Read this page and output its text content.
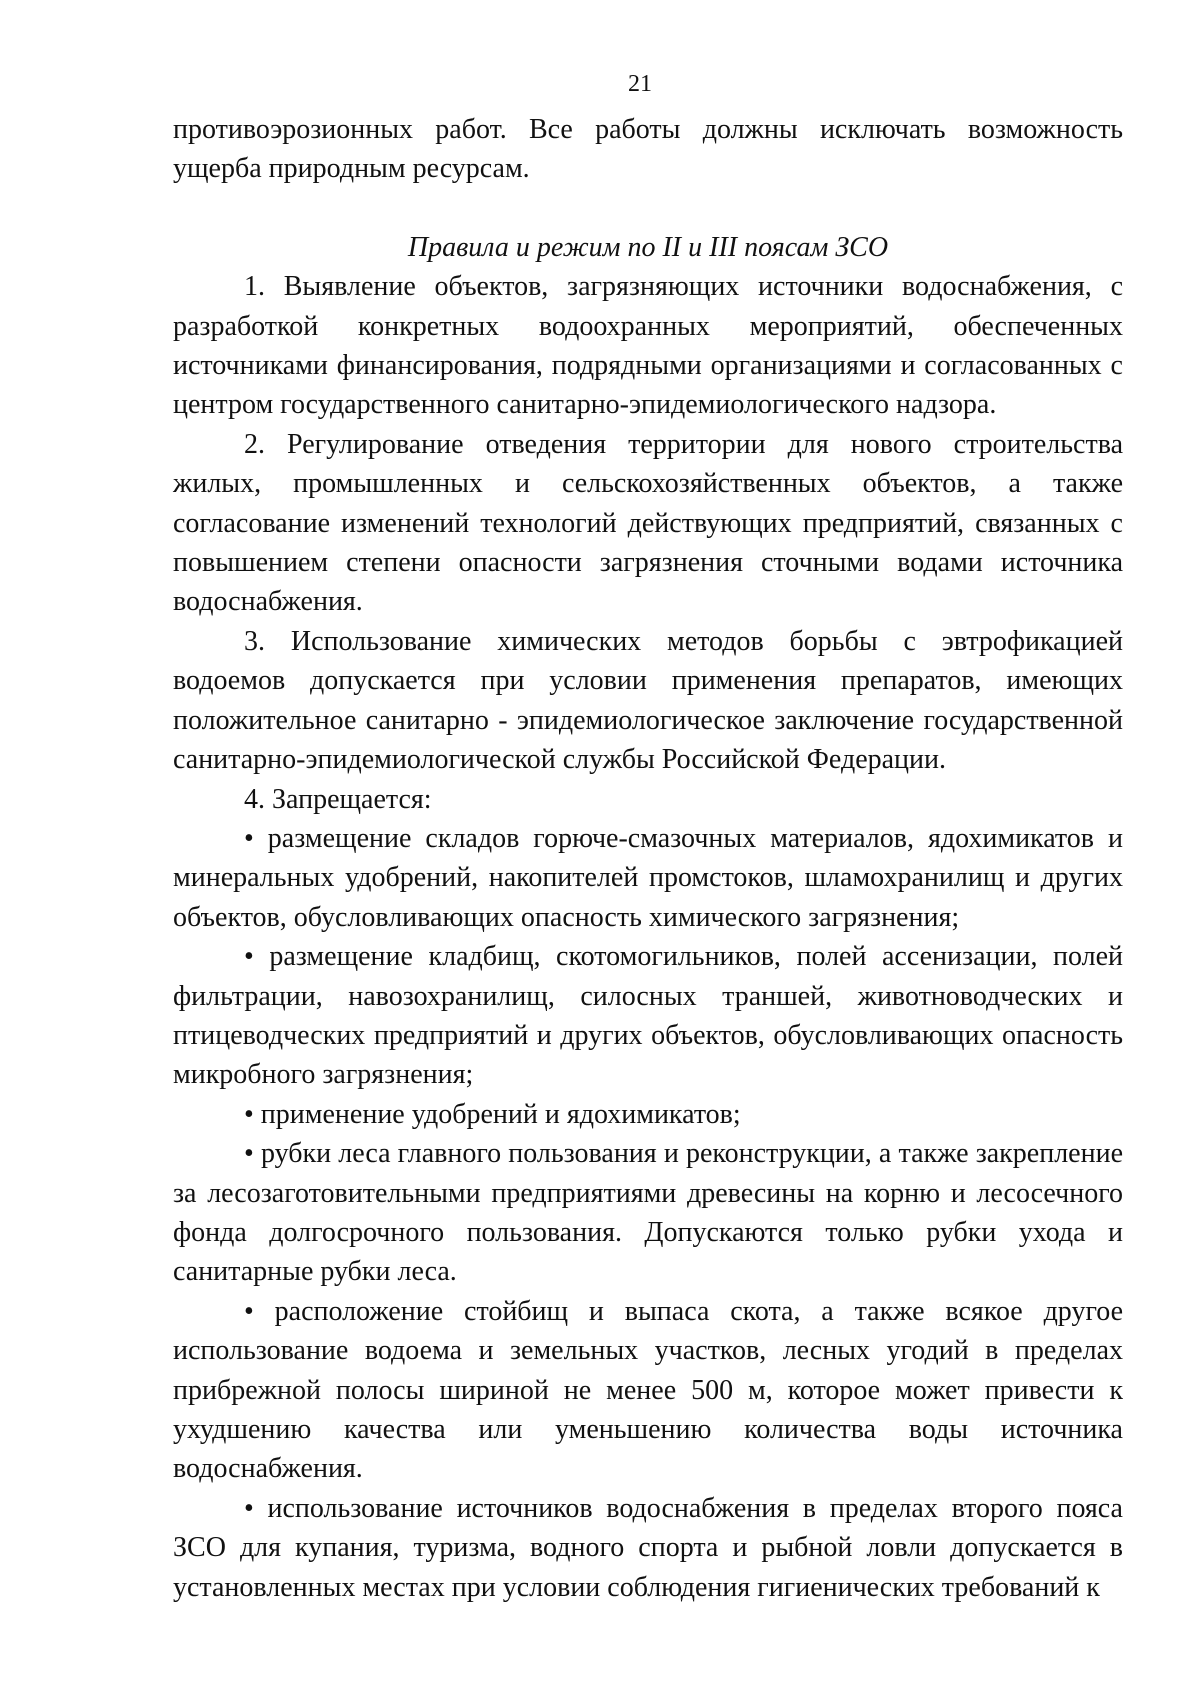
21

противоэрозионных работ. Все работы должны исключать возможность ущерба природным ресурсам.

Правила и режим по II и III поясам ЗСО

1. Выявление объектов, загрязняющих источники водоснабжения, с разработкой конкретных водоохранных мероприятий, обеспеченных источниками финансирования, подрядными организациями и согласованных с центром государственного санитарно-эпидемиологического надзора.

2. Регулирование отведения территории для нового строительства жилых, промышленных и сельскохозяйственных объектов, а также согласование изменений технологий действующих предприятий, связанных с повышением степени опасности загрязнения сточными водами источника водоснабжения.

3. Использование химических методов борьбы с эвтрофикацией водоемов допускается при условии применения препаратов, имеющих положительное санитарно - эпидемиологическое заключение государственной санитарно-эпидемиологической службы Российской Федерации.

4. Запрещается:

• размещение складов горюче-смазочных материалов, ядохимикатов и минеральных удобрений, накопителей промстоков, шламохранилищ и других объектов, обусловливающих опасность химического загрязнения;

• размещение кладбищ, скотомогильников, полей ассенизации, полей фильтрации, навозохранилищ, силосных траншей, животноводческих и птицеводческих предприятий и других объектов, обусловливающих опасность микробного загрязнения;

• применение удобрений и ядохимикатов;

• рубки леса главного пользования и реконструкции, а также закрепление за лесозаготовительными предприятиями древесины на корню и лесосечного фонда долгосрочного пользования. Допускаются только рубки ухода и санитарные рубки леса.

• расположение стойбищ и выпаса скота, а также всякое другое использование водоема и земельных участков, лесных угодий в пределах прибрежной полосы шириной не менее 500 м, которое может привести к ухудшению качества или уменьшению количества воды источника водоснабжения.

• использование источников водоснабжения в пределах второго пояса ЗСО для купания, туризма, водного спорта и рыбной ловли допускается в установленных местах при условии соблюдения гигиенических требований к
